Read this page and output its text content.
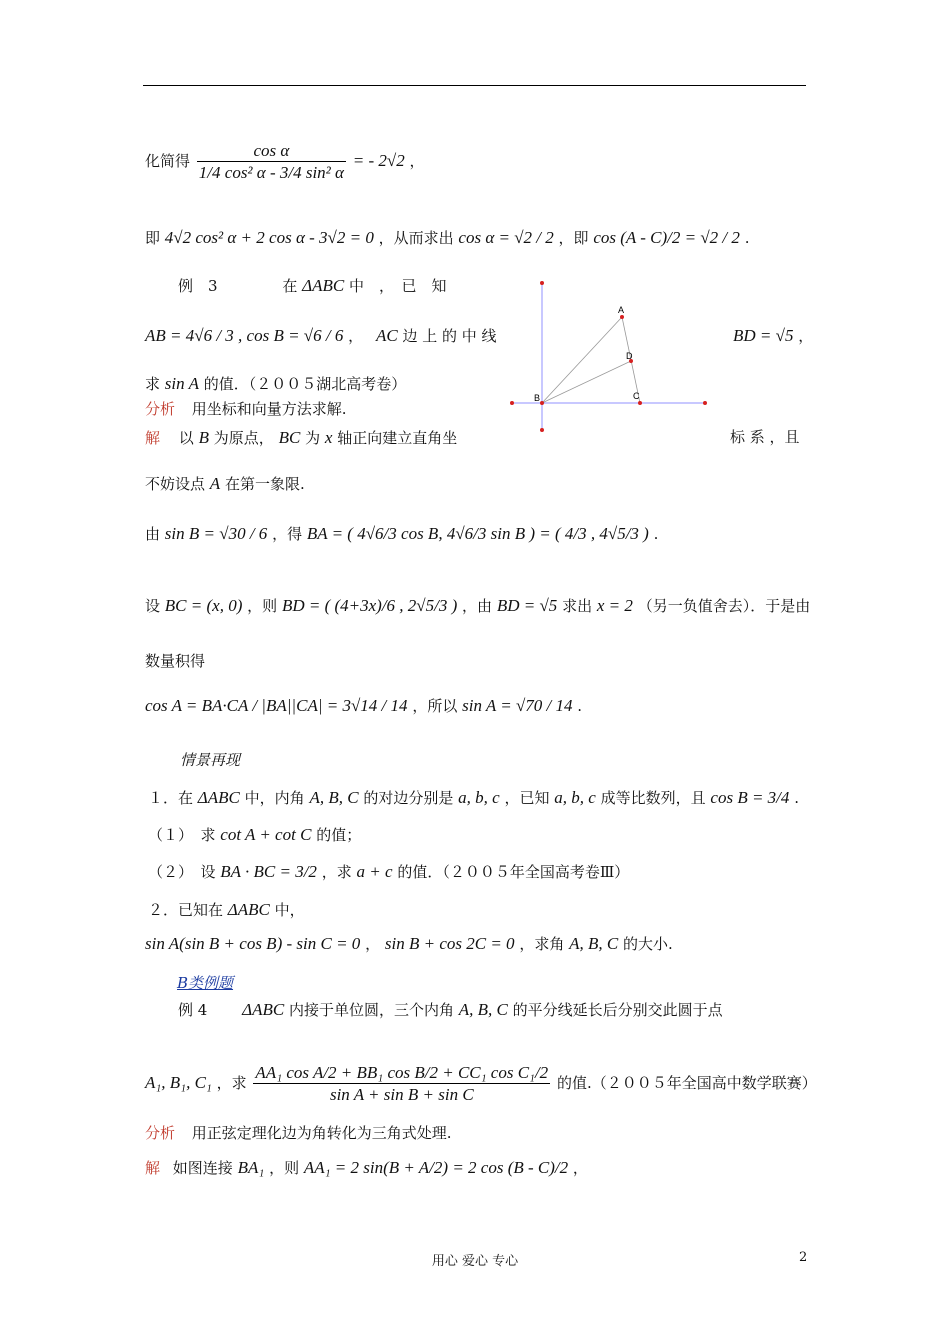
化简得 $\frac{\text{cos α}}{\text{1/4 cos² α - 3/4 sin² α}}$ = - 2√2 ，
即 4√2 cos² α + 2 cos α - 3√2 = 0 ，从而求出 cos α = √2 / 2 ，即 cos (A - C)/2 = √2 / 2 .
例　3	在 ΔABC 中　，　已　知
AB = 4√6 / 3 , cos B = √6 / 6 ， AC 边 上 的 中 线	BD = √5 ，
求 sin A 的值．（２００５湖北高考卷）
A
D
B	C
分析 用坐标和向量方法求解.
解 以 B 为原点， BC 为 x 轴正向建立直角坐	标 系 ，且
不妨设点 A 在第一象限.
由 sin B = √30 / 6 ，得 BA = ( 4√6/3 cos B, 4√6/3 sin B ) = ( 4/3 , 4√5/3 ) .
设 BC = (x, 0) ，则 BD = ( (4+3x)/6 , 2√5/3 ) ，由 BD = √5 求出 x = 2 （另一负值舍去）．于是由
数量积得
cos A = BA·CA / |BA||CA| = 3√14 / 14 ，所以 sin A = √70 / 14 .
情景再现
１．在 ΔABC 中，内角 A, B, C 的对边分别是 a, b, c ，已知 a, b, c 成等比数列，且 cos B = 3/4 .
（１）　求 cot A + cot C 的值；
（２）　设 BA · BC = 3/2 ，求 a + c 的值．（２００５年全国高考卷Ⅲ）
２．已知在 ΔABC 中，
sin A(sin B + cos B) - sin C = 0 ， sin B + cos 2C = 0 ，求角 A, B, C 的大小.
B类例题
例 4 ΔABC 内接于单位圆，三个内角 A, B, C 的平分线延长后分别交此圆于点
A₁, B₁, C₁ ，求 $\frac{\text{AA₁ cos A/2 + BB₁ cos B/2 + CC₁ cos C₁/2}}{\text{sin A + sin B + sin C}}$ 的值.（２００５年全国高中数学联赛）
分析 用正弦定理化边为角转化为三角式处理.
解 如图连接 BA₁ ，则 AA₁ = 2 sin(B + A/2) = 2 cos (B - C)/2 ，
用心 爱心 专心	2
